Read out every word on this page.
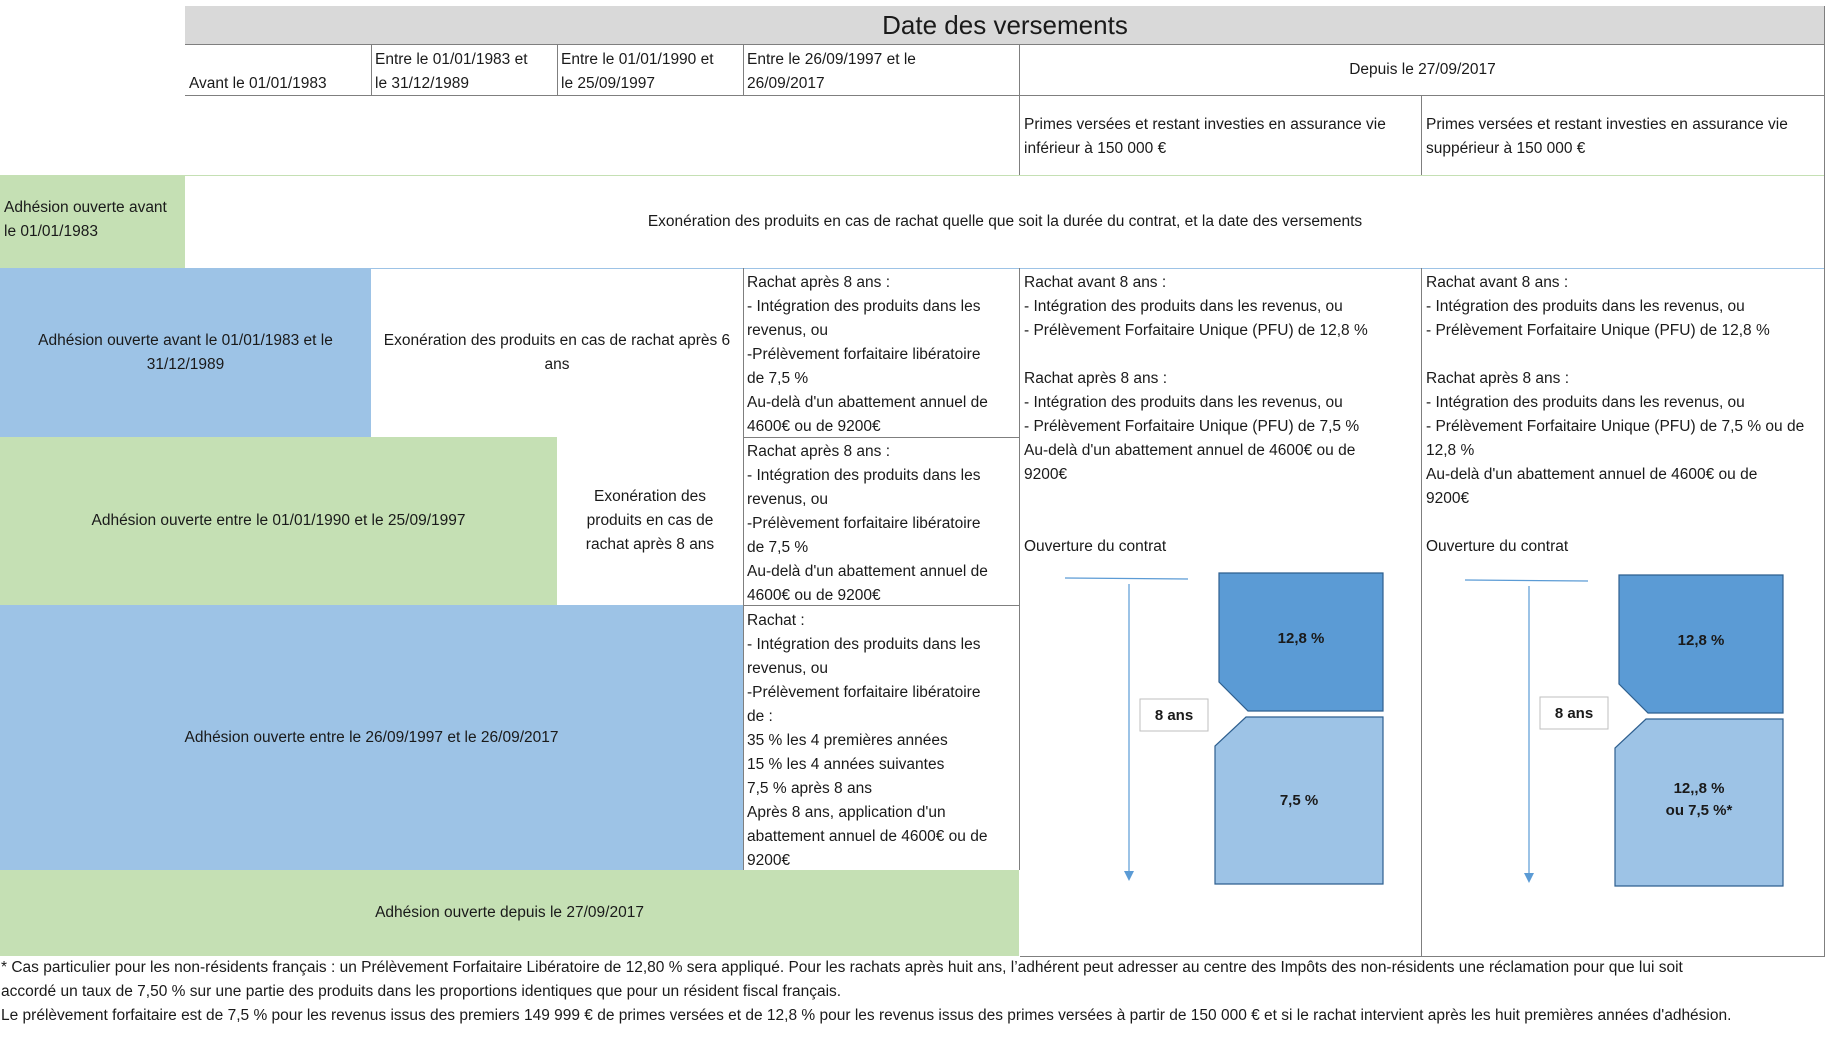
Date des versements
Avant le 01/01/1983
Entre le 01/01/1983 et
le 31/12/1989
Entre le 01/01/1990 et
le 25/09/1997
Entre le 26/09/1997 et le
26/09/2017
Depuis le 27/09/2017
Primes versées et restant investies en assurance vie
inférieur à 150 000 €
Primes versées et restant investies en assurance vie
suppérieur à 150 000 €
Adhésion ouverte avant
le 01/01/1983
Exonération des produits en cas de rachat quelle que soit la durée du contrat, et la date des versements
Adhésion ouverte avant le 01/01/1983 et le
31/12/1989
Exonération des produits en cas de rachat après 6
ans
Rachat après 8 ans :
- Intégration des produits dans les
revenus, ou
-Prélèvement forfaitaire libératoire
de 7,5 %
Au-delà d'un abattement annuel de
4600€ ou de 9200€
Adhésion ouverte entre le 01/01/1990 et le 25/09/1997
Exonération des
produits en cas de
rachat après 8 ans
Rachat après 8 ans :
- Intégration des produits dans les
revenus, ou
-Prélèvement forfaitaire libératoire
de 7,5 %
Au-delà d'un abattement annuel de
4600€ ou de 9200€
Adhésion ouverte entre le 26/09/1997 et le 26/09/2017
Rachat :
- Intégration des produits dans les
revenus, ou
-Prélèvement forfaitaire libératoire
de :
35 % les 4 premières années
15 % les 4 années suivantes
7,5 % après 8 ans
Après 8 ans, application d'un
abattement annuel de 4600€ ou de
9200€
Adhésion ouverte depuis le 27/09/2017
Rachat avant 8 ans :
- Intégration des produits dans les revenus, ou
- Prélèvement Forfaitaire Unique (PFU) de 12,8 %
Rachat après 8 ans :
- Intégration des produits dans les revenus, ou
- Prélèvement Forfaitaire Unique (PFU) de 7,5 %
Au-delà d'un abattement annuel de 4600€ ou de
9200€
Ouverture du contrat
Rachat avant 8 ans :
- Intégration des produits dans les revenus, ou
- Prélèvement Forfaitaire Unique (PFU) de 12,8 %
Rachat après 8 ans :
- Intégration des produits dans les revenus, ou
- Prélèvement Forfaitaire Unique (PFU) de 7,5 % ou de
12,8 %
Au-delà d'un abattement annuel de 4600€ ou de
9200€
Ouverture du contrat
8 ans
12,8 %
7,5 %
8 ans
12,8 %
12,,8 %
ou 7,5 %*
* Cas particulier pour les non-résidents français : un Prélèvement Forfaitaire Libératoire de 12,80 % sera appliqué. Pour les rachats après huit ans, l’adhérent peut adresser au centre des Impôts des non-résidents une réclamation pour que lui soit
accordé un taux de 7,50 % sur une partie des produits dans les proportions identiques que pour un résident fiscal français.
Le prélèvement forfaitaire est de 7,5 % pour les revenus issus des premiers 149 999 € de primes versées et de 12,8 % pour les revenus issus des primes versées à partir de 150 000 € et si le rachat intervient après les huit premières années d'adhésion.
